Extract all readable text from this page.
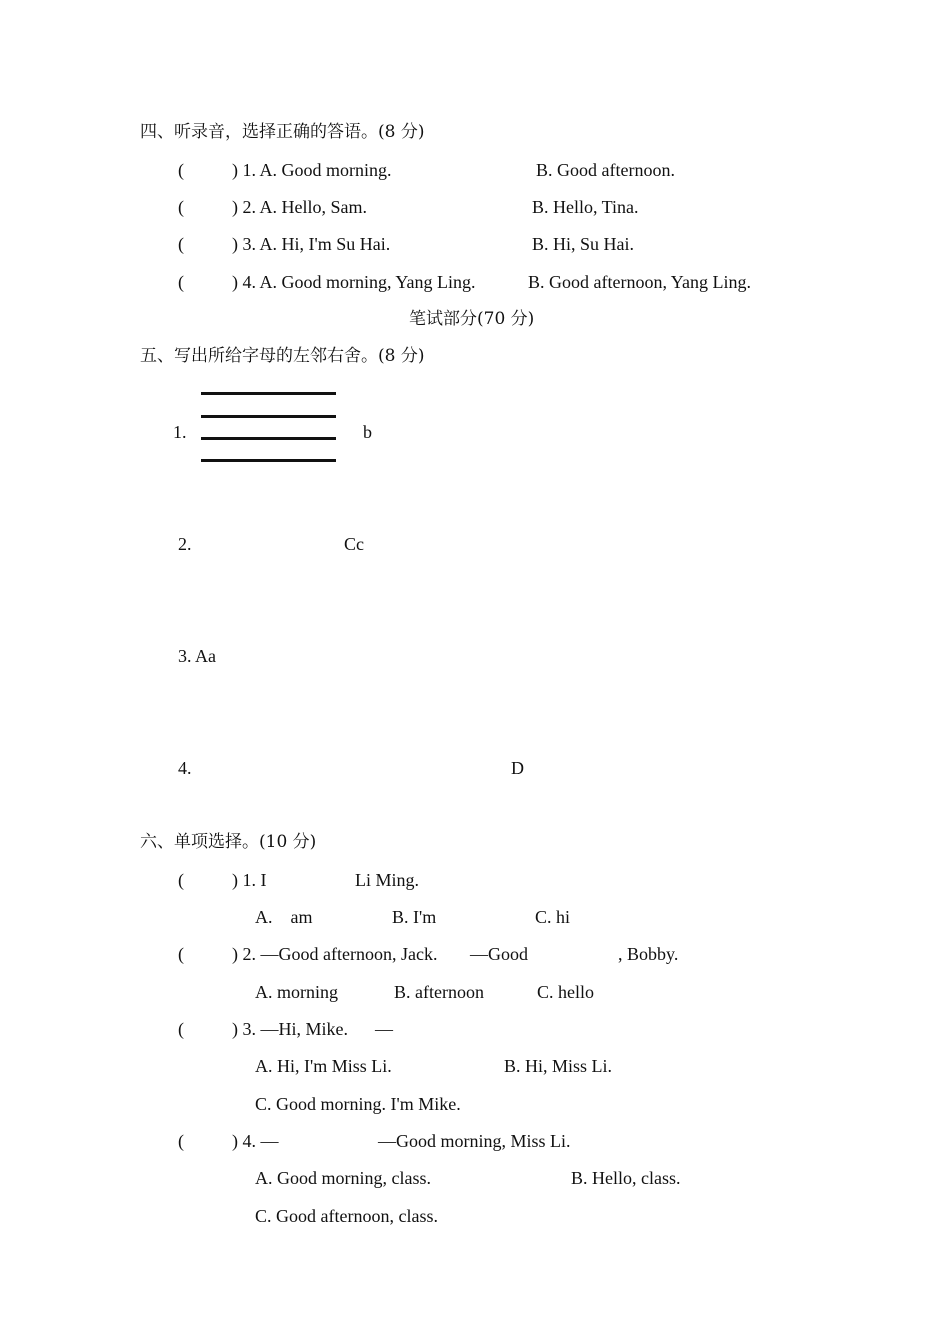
四、听录音，选择正确的答语。(8 分)
(	) 1. A. Good morning.	B. Good afternoon.
(	) 2. A. Hello, Sam.	B. Hello, Tina.
(	) 3. A. Hi, I'm Su Hai.	B. Hi, Su Hai.
(	) 4. A. Good morning, Yang Ling.	B. Good afternoon, Yang Ling.
笔试部分(70 分)
五、写出所给字母的左邻右舍。(8 分)
1.	b
2.	Cc
3. Aa
4.	D
六、单项选择。(10 分)
(	) 1. I	Li Ming.
A.    am	B. I'm	C. hi
(	) 2. —Good afternoon, Jack. —Good	, Bobby.
A. morning	B. afternoon	C. hello
(	) 3. —Hi, Mike. —
A. Hi, I'm Miss Li.	B. Hi, Miss Li.
C. Good morning. I'm Mike.
(	) 4. —	—Good morning, Miss Li.
A. Good morning, class.	B. Hello, class.
C. Good afternoon, class.
